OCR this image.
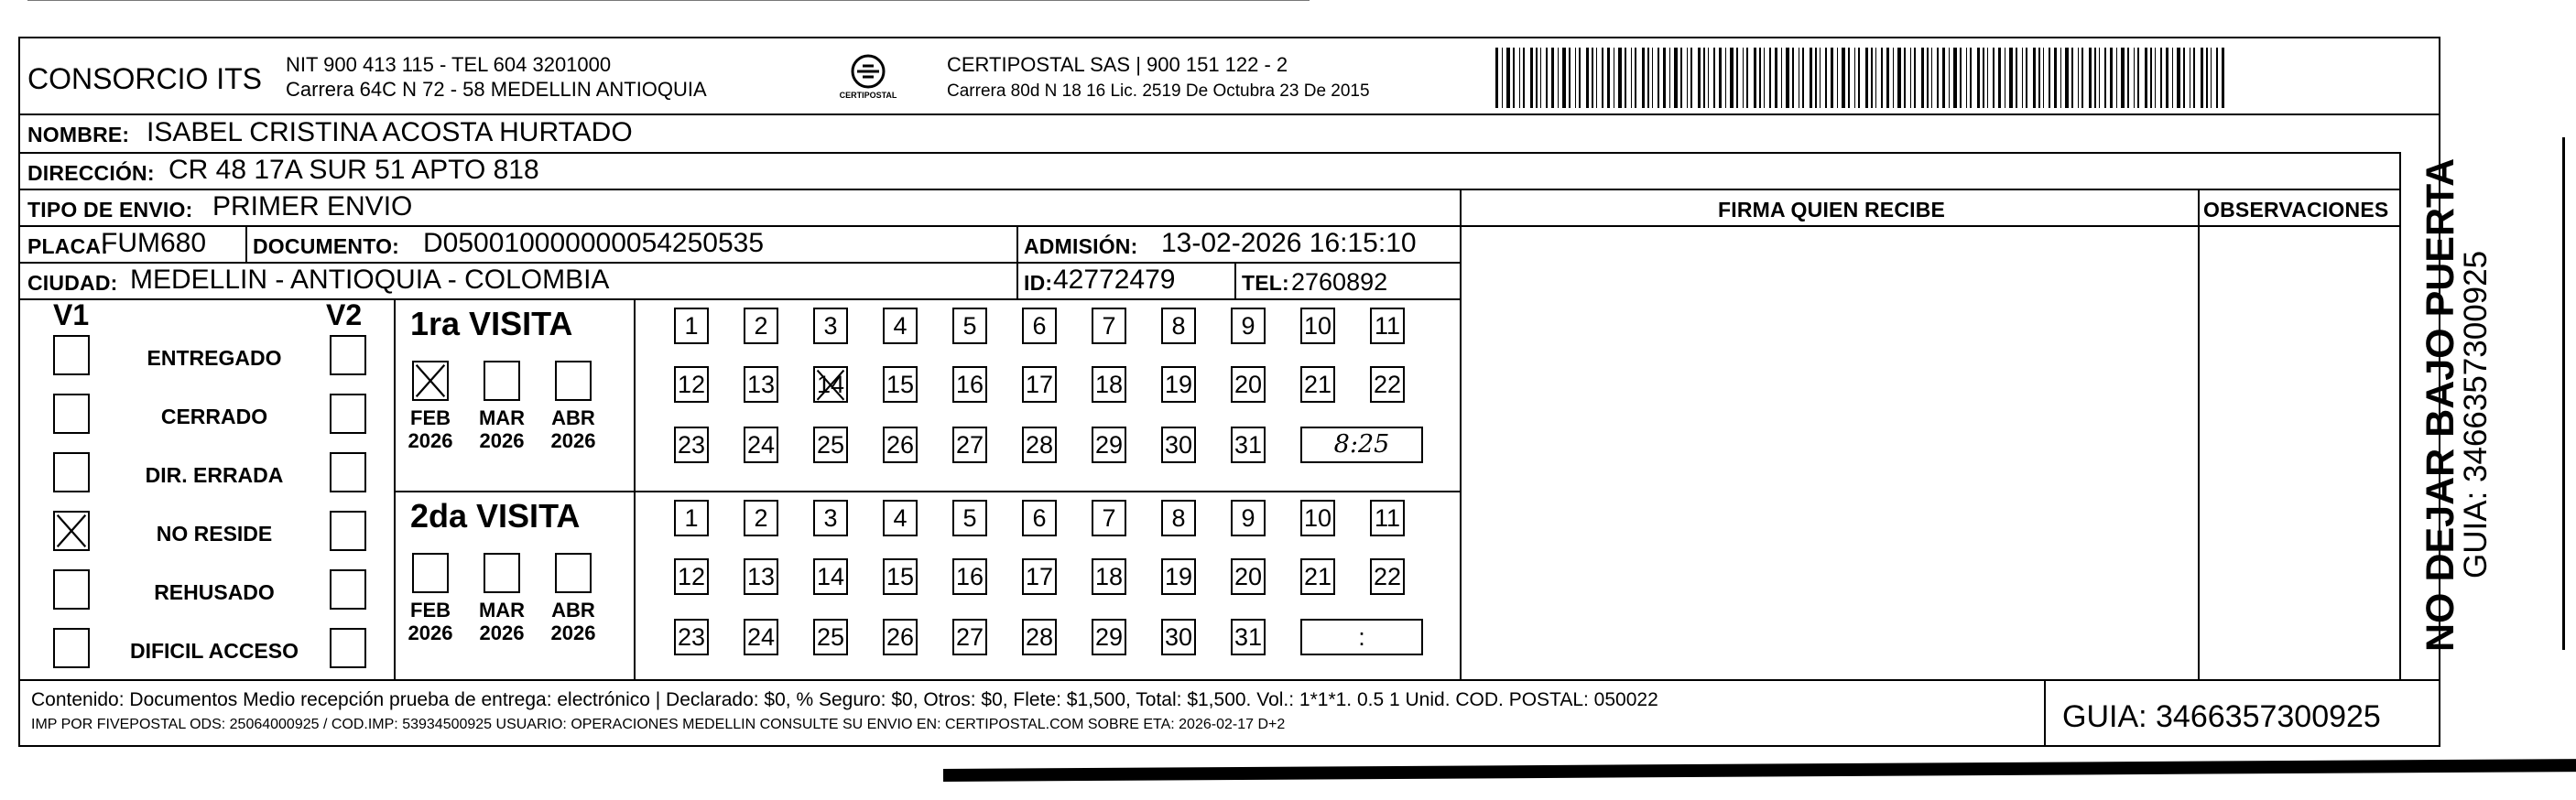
CONSORCIO ITS NIT 900 413 115 - TEL 604 3201000
Carrera 64C N 72 - 58 MEDELLIN ANTIOQUIA	CERTIPOSTAL
CERTIPOSTAL SAS | 900 151 122 - 2
Carrera 80d N 18 16 Lic. 2519 De Octubra 23 De 2015
NOMBRE: ISABEL CRISTINA ACOSTA HURTADO
DIRECCIÓN: CR 48 17A SUR 51 APTO 818
TIPO DE ENVIO: PRIMER ENVIO	FIRMA QUIEN RECIBE	OBSERVACIONES
PLACA:
FUM680 DOCUMENTO: D050010000000054250535	ADMISIÓN: 13-02-2026 16:15:10
CIUDAD: MEDELLIN - ANTIOQUIA - COLOMBIA	ID: 42772479	TEL: 2760892
V1	V2
ENTREGADO
CERRADO
DIR. ERRADA
NO RESIDE
REHUSADO
DIFICIL ACCESO
1ra VISITA
2da VISITA
FEB
2026
MAR
2026
ABR
2026
1	2	3	4	5	6	7	8	9	10 11
12 13 14 15 16 17 18 19 20 21 22
23 24 25 26 27 28 29 30 31	8:25
FEB
2026
MAR
2026
ABR
2026
1	2	3	4	5	6	7	8	9	10 11
12 13 14 15 16 17 18 19 20 21 22
23 24 25 26 27 28 29 30 31	:
Contenido: Documentos Medio recepción prueba de entrega: electrónico | Declarado: $0, % Seguro: $0, Otros: $0, Flete: $1,500, Total: $1,500. Vol.: 1*1*1. 0.5 1 Unid. COD. POSTAL: 050022
IMP POR FIVEPOSTAL ODS: 25064000925 / COD.IMP: 53934500925 USUARIO: OPERACIONES MEDELLIN CONSULTE SU ENVIO EN: CERTIPOSTAL.COM SOBRE ETA: 2026-02-17 D+2	GUIA: 3466357300925
NO DEJAR BAJO PUERTA
GUIA: 3466357300925
